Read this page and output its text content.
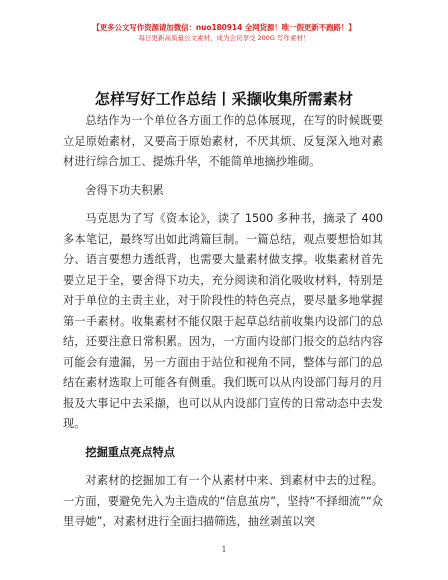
【更多公文写作资源请加微信：nuo180914 全网货源！唯一假更新不跑路！】
每日更新高质量公文素材，成为会员享受 200G 写作素材！
怎样写好工作总结丨采撷收集所需素材

总结作为一个单位各方面工作的总体展现，在写的时候既要立足原始素材，又要高于原始素材，不厌其烦、反复深入地对素材进行综合加工、提炼升华，不能简单地摘抄堆砌。

舍得下功夫积累

马克思为了写《资本论》，读了 1500 多种书，摘录了 400 多本笔记，最终写出如此鸿篇巨制。一篇总结，观点要想恰如其分、语言要想力透纸背，也需要大量素材做支撑。收集素材首先要立足于全，要舍得下功夫，充分阅读和消化吸收材料，特别是对于单位的主责主业，对于阶段性的特色亮点，要尽量多地掌握第一手素材。收集素材不能仅限于起草总结前收集内设部门的总结，还要注意日常积累。因为，一方面内设部门报交的总结内容可能会有遗漏，另一方面由于站位和视角不同，整体与部门的总结在素材选取上可能各有侧重。我们既可以从内设部门每月的月报及大事记中去采撷，也可以从内设部门宣传的日常动态中去发现。

挖掘重点亮点特点

对素材的挖掘加工有一个从素材中来、到素材中去的过程。一方面，要避免先入为主造成的“信息茧房”，坚持“不择细流”“众里寻她”，对素材进行全面扫描筛选，抽丝剥茧以突

1
